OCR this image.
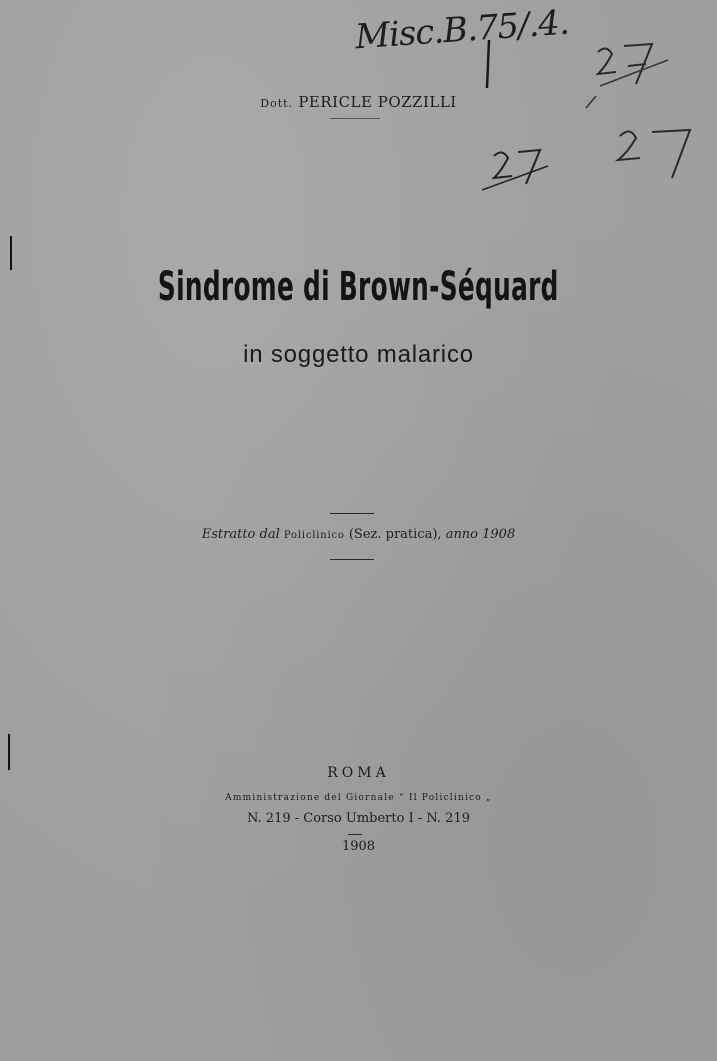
Misc.B.75/.4.
Dott. PERICLE POZZILLI
Sindrome di Brown-Séquard
in soggetto malarico
Estratto dal Policlinico (Sez. pratica), anno 1908
ROMA
Amministrazione del Giornale “ Il Policlinico „
N. 219 - Corso Umberto I - N. 219
1908
